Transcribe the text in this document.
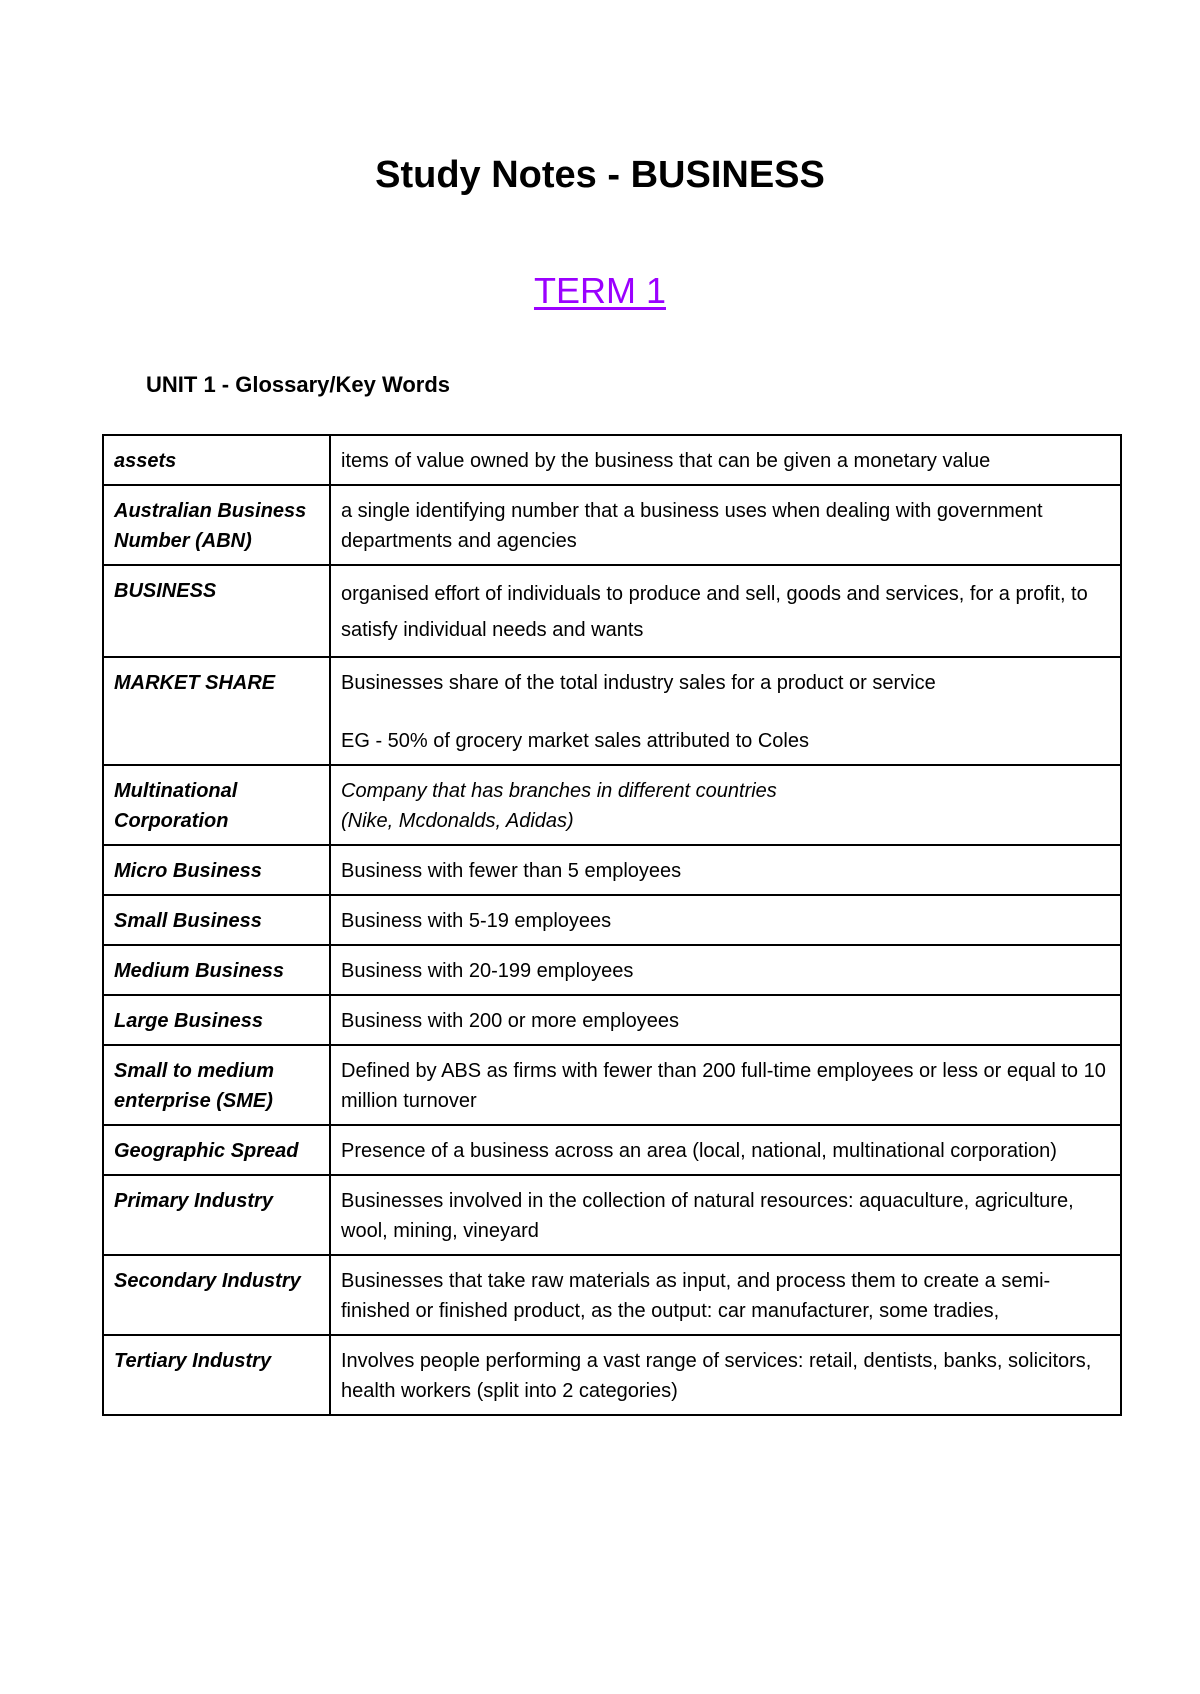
Study Notes - BUSINESS
TERM 1
UNIT 1 - Glossary/Key Words
assets	items of value owned by the business that can be given a monetary value
Australian Business Number (ABN)	a single identifying number that a business uses when dealing with government departments and agencies
BUSINESS	organised effort of individuals to produce and sell, goods and services, for a profit, to satisfy individual needs and wants
MARKET SHARE	Businesses share of the total industry sales for a product or service

EG - 50% of grocery market sales attributed to Coles

Multinational Corporation	Company that has branches in different countries
(Nike, Mcdonalds, Adidas)

Micro Business	Business with fewer than 5 employees
Small Business	Business with 5-19 employees
Medium Business	Business with 20-199 employees
Large Business	Business with 200 or more employees
Small to medium enterprise (SME)	Defined by ABS as firms with fewer than 200 full-time employees or less or equal to 10 million turnover
Geographic Spread	Presence of a business across an area (local, national, multinational corporation)
Primary Industry	Businesses involved in the collection of natural resources: aquaculture, agriculture, wool, mining, vineyard
Secondary Industry	Businesses that take raw materials as input, and process them to create a semi-finished or finished product, as the output: car manufacturer, some tradies,
Tertiary Industry	Involves people performing a vast range of services: retail, dentists, banks, solicitors, health workers (split into 2 categories)
